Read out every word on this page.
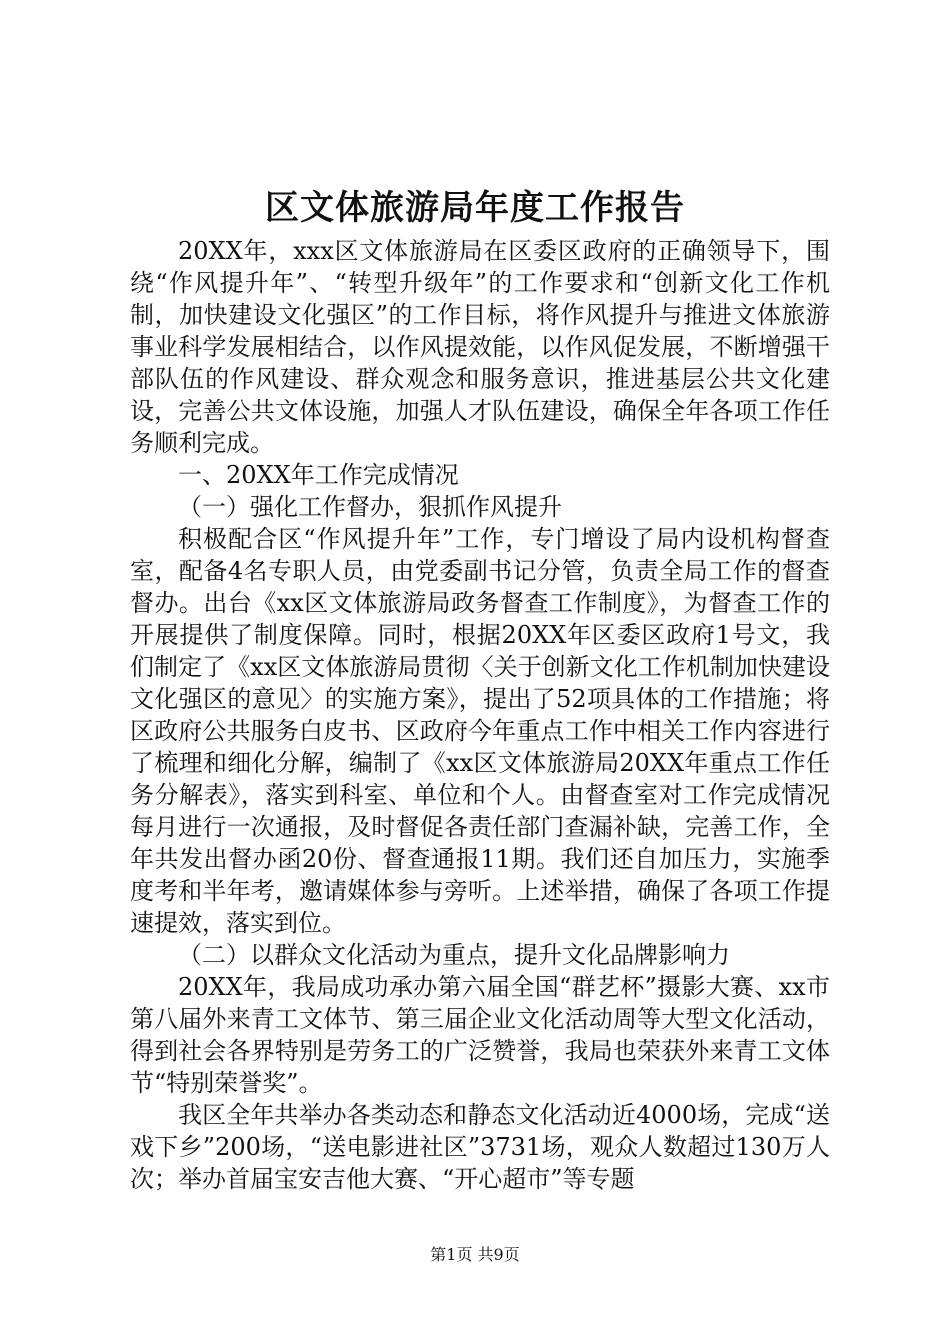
区文体旅游局年度工作报告

20XX年，xxx区文体旅游局在区委区政府的正确领导下，围绕“作风提升年”、“转型升级年”的工作要求和“创新文化工作机制，加快建设文化强区”的工作目标，将作风提升与推进文体旅游事业科学发展相结合，以作风提效能，以作风促发展，不断增强干部队伍的作风建设、群众观念和服务意识，推进基层公共文化建设，完善公共文体设施，加强人才队伍建设，确保全年各项工作任务顺利完成。

一、20XX年工作完成情况

（一）强化工作督办，狠抓作风提升

积极配合区“作风提升年”工作，专门增设了局内设机构督查室，配备4名专职人员，由党委副书记分管，负责全局工作的督查督办。出台《xx区文体旅游局政务督查工作制度》，为督查工作的开展提供了制度保障。同时，根据20XX年区委区政府1号文，我们制定了《xx区文体旅游局贯彻〈关于创新文化工作机制加快建设文化强区的意见〉的实施方案》，提出了52项具体的工作措施；将区政府公共服务白皮书、区政府今年重点工作中相关工作内容进行了梳理和细化分解，编制了《xx区文体旅游局20XX年重点工作任务分解表》，落实到科室、单位和个人。由督查室对工作完成情况每月进行一次通报，及时督促各责任部门查漏补缺，完善工作，全年共发出督办函20份、督查通报11期。我们还自加压力，实施季度考和半年考，邀请媒体参与旁听。上述举措，确保了各项工作提速提效，落实到位。

（二）以群众文化活动为重点，提升文化品牌影响力

20XX年，我局成功承办第六届全国“群艺杯”摄影大赛、xx市第八届外来青工文体节、第三届企业文化活动周等大型文化活动，得到社会各界特别是劳务工的广泛赞誉，我局也荣获外来青工文体节“特别荣誉奖”。

我区全年共举办各类动态和静态文化活动近4000场，完成“送戏下乡”200场，“送电影进社区”3731场，观众人数超过130万人次；举办首届宝安吉他大赛、“开心超市”等专题

第1页 共9页
